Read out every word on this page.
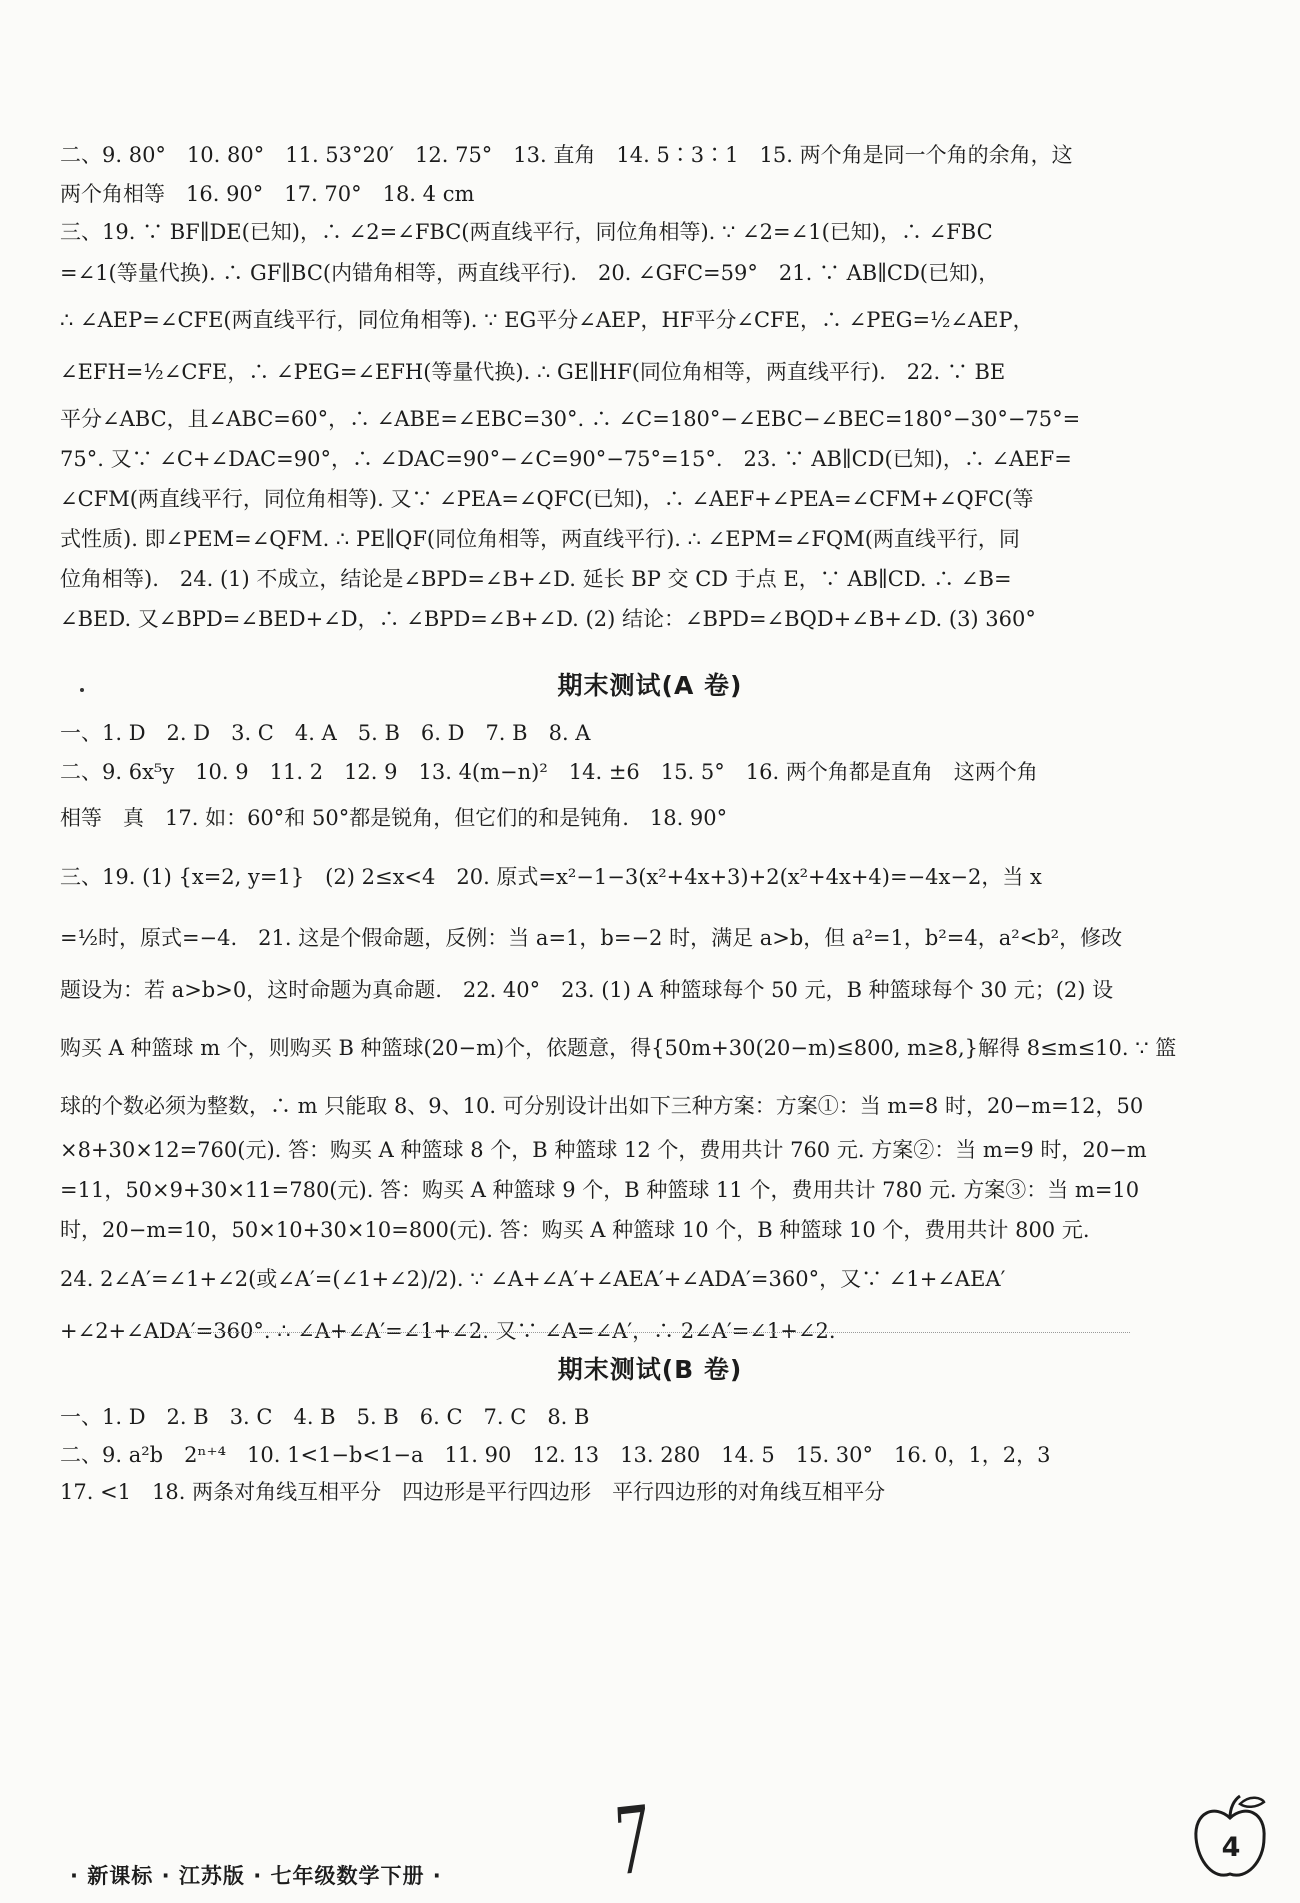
二、9. 80°　10. 80°　11. 53°20′　12. 75°　13. 直角　14. 5∶3∶1　15. 两个角是同一个角的余角，这
两个角相等　16. 90°　17. 70°　18. 4 cm
三、19. ∵ BF∥DE(已知)，∴ ∠2=∠FBC(两直线平行，同位角相等). ∵ ∠2=∠1(已知)，∴ ∠FBC
=∠1(等量代换). ∴ GF∥BC(内错角相等，两直线平行).　20. ∠GFC=59°　21. ∵ AB∥CD(已知)，
∴ ∠AEP=∠CFE(两直线平行，同位角相等). ∵ EG平分∠AEP，HF平分∠CFE，∴ ∠PEG=½∠AEP，
∠EFH=½∠CFE，∴ ∠PEG=∠EFH(等量代换). ∴ GE∥HF(同位角相等，两直线平行).　22. ∵ BE
平分∠ABC，且∠ABC=60°，∴ ∠ABE=∠EBC=30°. ∴ ∠C=180°−∠EBC−∠BEC=180°−30°−75°=
75°. 又∵ ∠C+∠DAC=90°，∴ ∠DAC=90°−∠C=90°−75°=15°.　23. ∵ AB∥CD(已知)，∴ ∠AEF=
∠CFM(两直线平行，同位角相等). 又∵ ∠PEA=∠QFC(已知)，∴ ∠AEF+∠PEA=∠CFM+∠QFC(等
式性质). 即∠PEM=∠QFM. ∴ PE∥QF(同位角相等，两直线平行). ∴ ∠EPM=∠FQM(两直线平行，同
位角相等).　24. (1) 不成立，结论是∠BPD=∠B+∠D. 延长 BP 交 CD 于点 E，∵ AB∥CD. ∴ ∠B=
∠BED. 又∠BPD=∠BED+∠D，∴ ∠BPD=∠B+∠D. (2) 结论：∠BPD=∠BQD+∠B+∠D. (3) 360°
期末测试(A 卷)
一、1. D　2. D　3. C　4. A　5. B　6. D　7. B　8. A
二、9. 6x⁵y　10. 9　11. 2　12. 9　13. 4(m−n)²　14. ±6　15. 5°　16. 两个角都是直角　这两个角
相等　真　17. 如：60°和 50°都是锐角，但它们的和是钝角.　18. 90°
三、19. (1) {x=2, y=1}　(2) 2≤x<4　20. 原式=x²−1−3(x²+4x+3)+2(x²+4x+4)=−4x−2，当 x
=½时，原式=−4.　21. 这是个假命题，反例：当 a=1，b=−2 时，满足 a>b，但 a²=1，b²=4，a²<b²，修改
题设为：若 a>b>0，这时命题为真命题.　22. 40°　23. (1) A 种篮球每个 50 元，B 种篮球每个 30 元；(2) 设
购买 A 种篮球 m 个，则购买 B 种篮球(20−m)个，依题意，得{50m+30(20−m)≤800, m≥8,}解得 8≤m≤10. ∵ 篮
球的个数必须为整数，∴ m 只能取 8、9、10. 可分别设计出如下三种方案：方案①：当 m=8 时，20−m=12，50
×8+30×12=760(元). 答：购买 A 种篮球 8 个，B 种篮球 12 个，费用共计 760 元. 方案②：当 m=9 时，20−m
=11，50×9+30×11=780(元). 答：购买 A 种篮球 9 个，B 种篮球 11 个，费用共计 780 元. 方案③：当 m=10
时，20−m=10，50×10+30×10=800(元). 答：购买 A 种篮球 10 个，B 种篮球 10 个，费用共计 800 元.
24. 2∠A′=∠1+∠2(或∠A′=(∠1+∠2)/2). ∵ ∠A+∠A′+∠AEA′+∠ADA′=360°，又∵ ∠1+∠AEA′
+∠2+∠ADA′=360°. ∴ ∠A+∠A′=∠1+∠2. 又∵ ∠A=∠A′，∴ 2∠A′=∠1+∠2.
期末测试(B 卷)
一、1. D　2. B　3. C　4. B　5. B　6. C　7. C　8. B
二、9. a²b　2ⁿ⁺⁴　10. 1<1−b<1−a　11. 90　12. 13　13. 280　14. 5　15. 30°　16. 0，1，2，3
17. <1　18. 两条对角线互相平分　四边形是平行四边形　平行四边形的对角线互相平分
· 新课标 · 江苏版 · 七年级数学下册 · 7	4
